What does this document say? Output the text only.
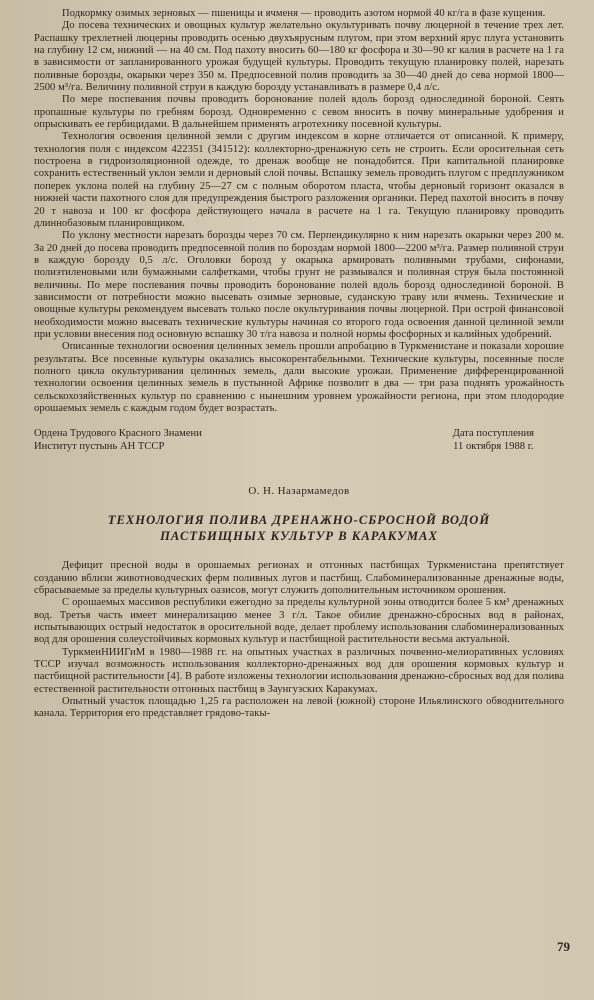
Подкормку озимых зерновых — пшеницы и ячменя — проводить азотом нормой 40 кг/га в фазе кущения.

До посева технических и овощных культур желательно окультуривать почву люцерной в течение трех лет. Распашку трехлетней люцерны проводить осенью двухъярусным плугом, при этом верхний ярус плуга установить на глубину 12 см, нижний — на 40 см. Под пахоту вносить 60—180 кг фосфора и 30—90 кг калия в расчете на 1 га в зависимости от запланированного урожая будущей культуры. Проводить текущую планировку полей, нарезать поливные борозды, окарыки через 350 м. Предпосевной полив проводить за 30—40 дней до сева нормой 1800—2500 м³/га. Величину поливной струи в каждую борозду устанавливать в размере 0,4 л/с.

По мере поспевания почвы проводить боронование полей вдоль борозд однослединой бороной. Сеять пропашные культуры по гребням борозд. Одновременно с севом вносить в почву минеральные удобрения и опрыскивать ее гербицидами. В дальнейшем применять агротехнику посевной культуры.

Технология освоения целинной земли с другим индексом в корне отличается от описанной. К примеру, технология поля с индексом 422351 (341512): коллекторно-дренажную сеть не строить. Если оросительная сеть построена в гидроизоляционной одежде, то дренаж вообще не понадобится. При капитальной планировке сохранить естественный уклон земли и дерновый слой почвы. Вспашку земель проводить плугом с предплужником поперек уклона полей на глубину 25—27 см с полным оборотом пласта, чтобы дерновый горизонт оказался в нижней части пахотного слоя для предупреждения быстрого разложения органики. Перед пахотой вносить в почву 20 т навоза и 100 кг фосфора действующего начала в расчете на 1 га. Текущую планировку проводить длиннобазовым планировщиком.

По уклону местности нарезать борозды через 70 см. Перпендикулярно к ним нарезать окарыки через 200 м. За 20 дней до посева проводить предпосевной полив по бороздам нормой 1800—2200 м³/га. Размер поливной струи в каждую борозду 0,5 л/с. Оголовки борозд у окарыка армировать поливными трубами, сифонами, полиэтиленовыми или бумажными салфетками, чтобы грунт не размывался и поливная струя была постоянной величины. По мере поспевания почвы проводить боронование полей вдоль борозд однослединой бороной. В зависимости от потребности можно высевать озимые зерновые, суданскую траву или ячмень. Технические и овощные культуры рекомендуем высевать только после окультуривания почвы люцерной. При острой финансовой необходимости можно высевать технические культуры начиная со второго года освоения данной целинной земли при условии внесения под основную вспашку 30 т/га навоза и полной нормы фосфорных и калийных удобрений.

Описанные технологии освоения целинных земель прошли апробацию в Туркменистане и показали хорошие результаты. Все посевные культуры оказались высокорентабельными. Технические культуры, посеянные после полного цикла окультуривания целинных земель, дали высокие урожаи. Применение дифференцированной технологии освоения целинных земель в пустынной Африке позволит в два — три раза поднять урожайность сельскохозяйственных культур по сравнению с нынешним уровнем урожайности региона, при этом плодородие орошаемых земель с каждым годом будет возрастать.

Ордена Трудового Красного Знамени
Институт пустынь АН ТССР
Дата поступления
11 октября 1988 г.
О. Н. Назармамедов
ТЕХНОЛОГИЯ ПОЛИВА ДРЕНАЖНО-СБРОСНОЙ ВОДОЙ
ПАСТБИЩНЫХ КУЛЬТУР В КАРАКУМАХ

Дефицит пресной воды в орошаемых регионах и отгонных пастбищах Туркменистана препятствует созданию вблизи животноводческих ферм поливных лугов и пастбищ. Слабоминерализованные дренажные воды, сбрасываемые за пределы культурных оазисов, могут служить дополнительным источником орошения.

С орошаемых массивов республики ежегодно за пределы культурной зоны отводится более 5 км³ дренажных вод. Третья часть имеет минерализацию менее 3 г/л. Такое обилие дренажно-сбросных вод в районах, испытывающих острый недостаток в оросительной воде, делает проблему использования слабоминерализованных вод для орошения солеустойчивых кормовых культур и пастбищной растительности весьма актуальной.

ТуркменНИИГиМ в 1980—1988 гг. на опытных участках в различных почвенно-мелиоративных условиях ТССР изучал возможность использования коллекторно-дренажных вод для орошения кормовых культур и пастбищной растительности [4]. В работе изложены технологии использования дренажно-сбросных вод для полива естественной растительности отгонных пастбищ в Заунгузских Каракумах.

Опытный участок площадью 1,25 га расположен на левой (южной) стороне Ильялинского обводнительного канала. Территория его представляет грядово-такы-

79
